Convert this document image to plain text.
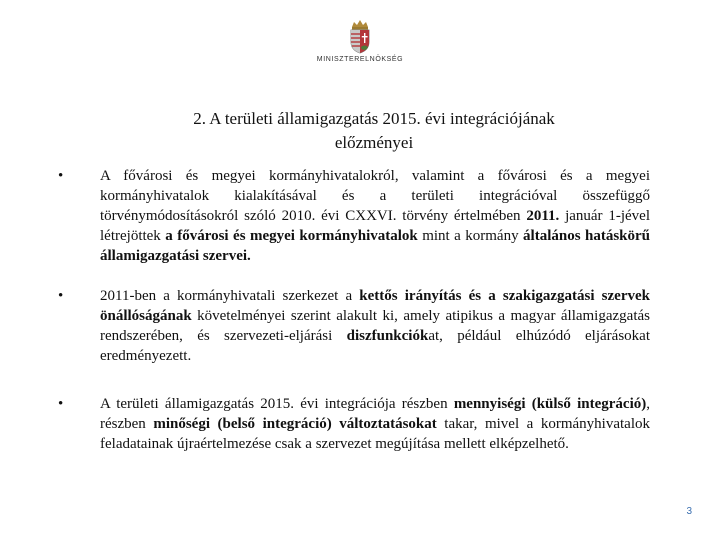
MINISZTERELNÖKSÉG
2. A területi államigazgatás 2015. évi integrációjának
előzményei
• A fővárosi és megyei kormányhivatalokról, valamint a fővárosi és a megyei kormányhivatalok kialakításával és a területi integrációval összefüggő törvénymódosításokról szóló 2010. évi CXXVI. törvény értelmében 2011. január 1-jével létrejöttek a fővárosi és megyei kormányhivatalok mint a kormány általános hatáskörű államigazgatási szervei.
• 2011-ben a kormányhivatali szerkezet a kettős irányítás és a szakigazgatási szervek önállóságának követelményei szerint alakult ki, amely atipikus a magyar államigazgatás rendszerében, és szervezeti-eljárási diszfunkciókat, például elhúzódó eljárásokat eredményezett.
• A területi államigazgatás 2015. évi integrációja részben mennyiségi (külső integráció), részben minőségi (belső integráció) változtatásokat takar, mivel a kormányhivatalok feladatainak újraértelmezése csak a szervezet megújítása mellett elképzelhető.
3
